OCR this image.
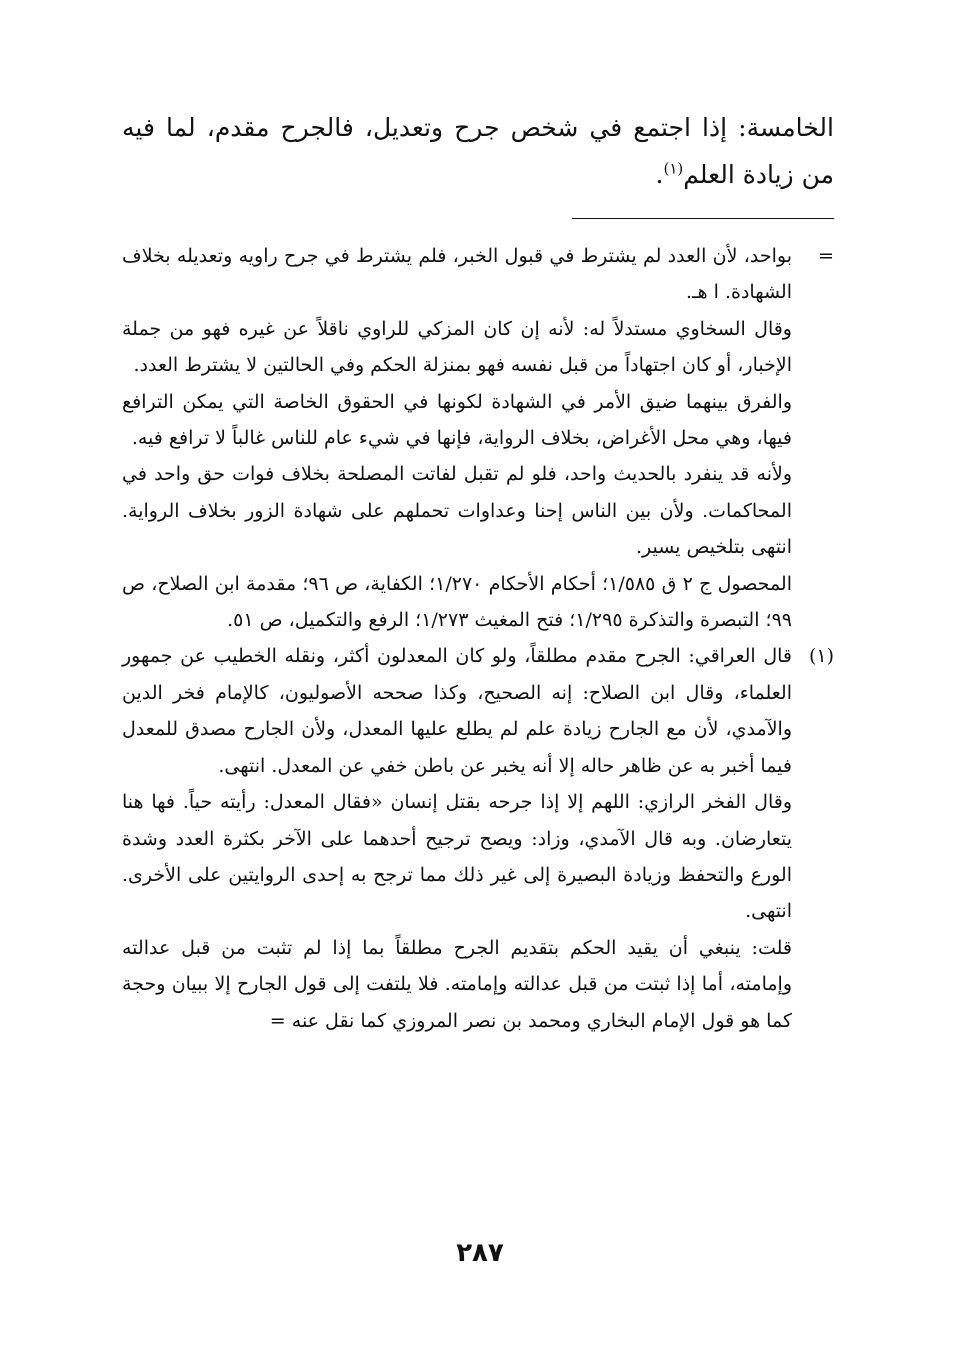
الخامسة: إذا اجتمع في شخص جرح وتعديل، فالجرح مقدم، لما فيه من زيادة العلم$^{(١)}$.

=

بواحد، لأن العدد لم يشترط في قبول الخبر، فلم يشترط في جرح راويه وتعديله بخلاف الشهادة. ا هـ.

وقال السخاوي مستدلاً له: لأنه إن كان المزكي للراوي ناقلاً عن غيره فهو من جملة الإخبار، أو كان اجتهاداً من قبل نفسه فهو بمنزلة الحكم وفي الحالتين لا يشترط العدد.

والفرق بينهما ضيق الأمر في الشهادة لكونها في الحقوق الخاصة التي يمكن الترافع فيها، وهي محل الأغراض، بخلاف الرواية، فإنها في شيء عام للناس غالباً لا ترافع فيه.

ولأنه قد ينفرد بالحديث واحد، فلو لم تقبل لفاتت المصلحة بخلاف فوات حق واحد في المحاكمات. ولأن بين الناس إحنا وعداوات تحملهم على شهادة الزور بخلاف الرواية. انتهى بتلخيص يسير.

المحصول ج ٢ ق ١/٥٨٥؛ أحكام الأحكام ١/٢٧٠؛ الكفاية، ص ٩٦؛ مقدمة ابن الصلاح، ص ٩٩؛ التبصرة والتذكرة ١/٢٩٥؛ فتح المغيث ١/٢٧٣؛ الرفع والتكميل، ص ٥١.

(١)

قال العراقي: الجرح مقدم مطلقاً، ولو كان المعدلون أكثر، ونقله الخطيب عن جمهور العلماء، وقال ابن الصلاح: إنه الصحيح، وكذا صححه الأصوليون، كالإمام فخر الدين والآمدي، لأن مع الجارح زيادة علم لم يطلع عليها المعدل، ولأن الجارح مصدق للمعدل فيما أخبر به عن ظاهر حاله إلا أنه يخبر عن باطن خفي عن المعدل. انتهى.

وقال الفخر الرازي: اللهم إلا إذا جرحه بقتل إنسان «فقال المعدل: رأيته حياً. فها هنا يتعارضان. وبه قال الآمدي، وزاد: ويصح ترجيح أحدهما على الآخر بكثرة العدد وشدة الورع والتحفظ وزيادة البصيرة إلى غير ذلك مما ترجح به إحدى الروايتين على الأخرى. انتهى.

قلت: ينبغي أن يقيد الحكم بتقديم الجرح مطلقاً بما إذا لم تثبت من قبل عدالته وإمامته، أما إذا ثبتت من قبل عدالته وإمامته. فلا يلتفت إلى قول الجارح إلا ببيان وحجة كما هو قول الإمام البخاري ومحمد بن نصر المروزي كما نقل عنه =

٢٨٧
